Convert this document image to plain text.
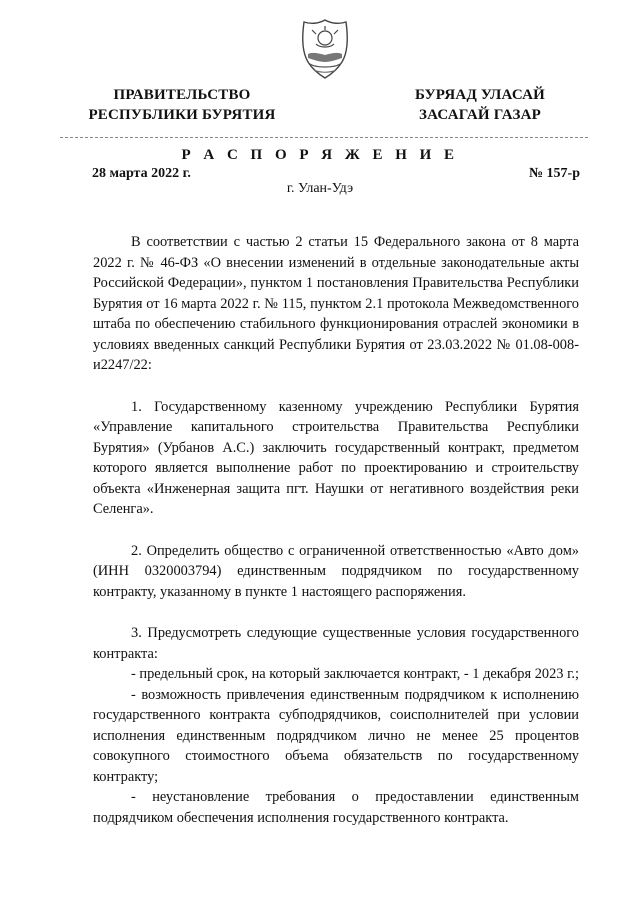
ПРАВИТЕЛЬСТВО
РЕСПУБЛИКИ БУРЯТИЯ
БУРЯАД УЛАСАЙ
ЗАСАГАЙ ГАЗАР
Р А С П О Р Я Ж Е Н И Е
28 марта 2022 г.	№ 157-р
г. Улан-Удэ

В соответствии с частью 2 статьи 15 Федерального закона от 8 марта 2022 г. № 46-ФЗ «О внесении изменений в отдельные законодательные акты Российской Федерации», пунктом 1 постановления Правительства Республики Бурятия от 16 марта 2022 г. № 115, пунктом 2.1 протокола Межведомственного штаба по обеспечению стабильного функционирования отраслей экономики в условиях введенных санкций Республики Бурятия от 23.03.2022 № 01.08-008-и2247/22:

1. Государственному казенному учреждению Республики Бурятия «Управление капитального строительства Правительства Республики Бурятия» (Урбанов А.С.) заключить государственный контракт, предметом которого является выполнение работ по проектированию и строительству объекта «Инженерная защита пгт. Наушки от негативного воздействия реки Селенга».

2. Определить общество с ограниченной ответственностью «Авто дом» (ИНН 0320003794) единственным подрядчиком по государственному контракту, указанному в пункте 1 настоящего распоряжения.

3. Предусмотреть следующие существенные условия государственного контракта:

- предельный срок, на который заключается контракт, - 1 декабря 2023 г.;

- возможность привлечения единственным подрядчиком к исполнению государственного контракта субподрядчиков, соисполнителей при условии исполнения единственным подрядчиком лично не менее 25 процентов совокупного стоимостного объема обязательств по государственному контракту;

- неустановление требования о предоставлении единственным подрядчиком обеспечения исполнения государственного контракта.
